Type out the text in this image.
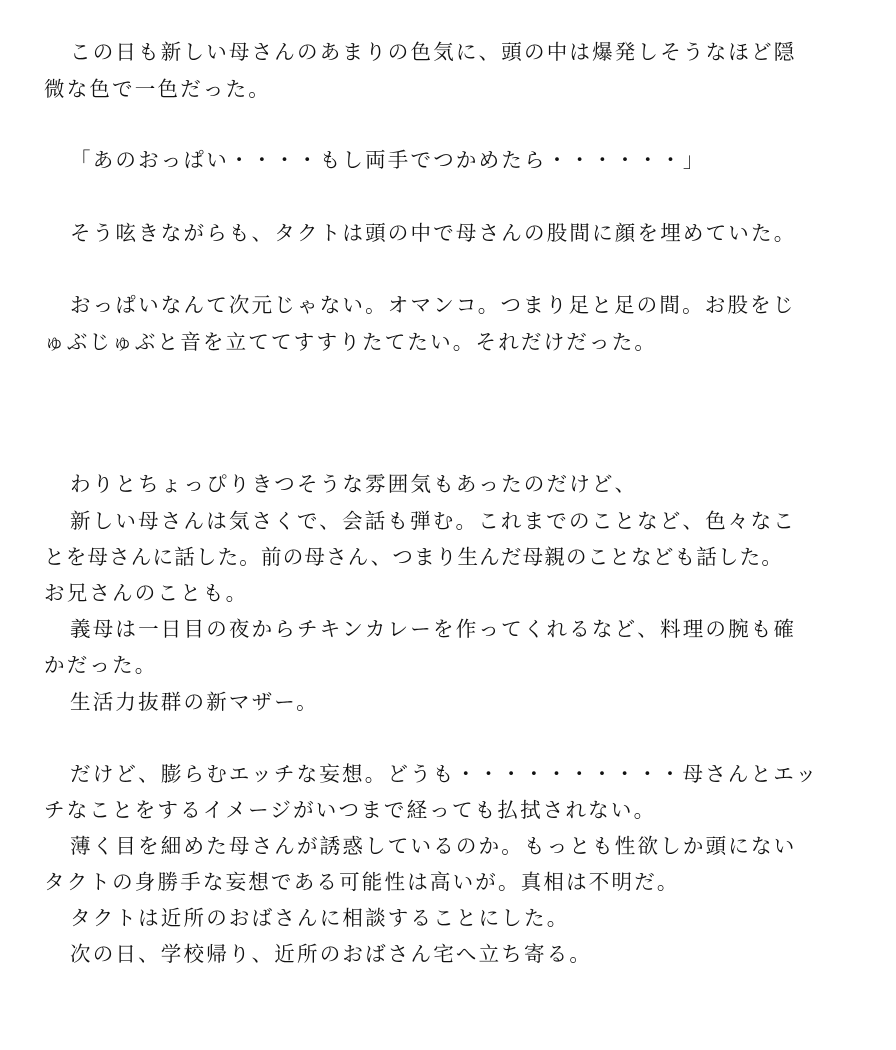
この日も新しい母さんのあまりの色気に、頭の中は爆発しそうなほど隠
微な色で一色だった。
「あのおっぱい・・・・もし両手でつかめたら・・・・・・」
そう呟きながらも、タクトは頭の中で母さんの股間に顔を埋めていた。
おっぱいなんて次元じゃない。オマンコ。つまり足と足の間。お股をじ
ゅぶじゅぶと音を立ててすすりたてたい。それだけだった。
わりとちょっぴりきつそうな雰囲気もあったのだけど、
新しい母さんは気さくで、会話も弾む。これまでのことなど、色々なこ
とを母さんに話した。前の母さん、つまり生んだ母親のことなども話した。
お兄さんのことも。
義母は一日目の夜からチキンカレーを作ってくれるなど、料理の腕も確
かだった。
生活力抜群の新マザー。
だけど、膨らむエッチな妄想。どうも・・・・・・・・・・母さんとエッ
チなことをするイメージがいつまで経っても払拭されない。
薄く目を細めた母さんが誘惑しているのか。もっとも性欲しか頭にない
タクトの身勝手な妄想である可能性は高いが。真相は不明だ。
タクトは近所のおばさんに相談することにした。
次の日、学校帰り、近所のおばさん宅へ立ち寄る。
